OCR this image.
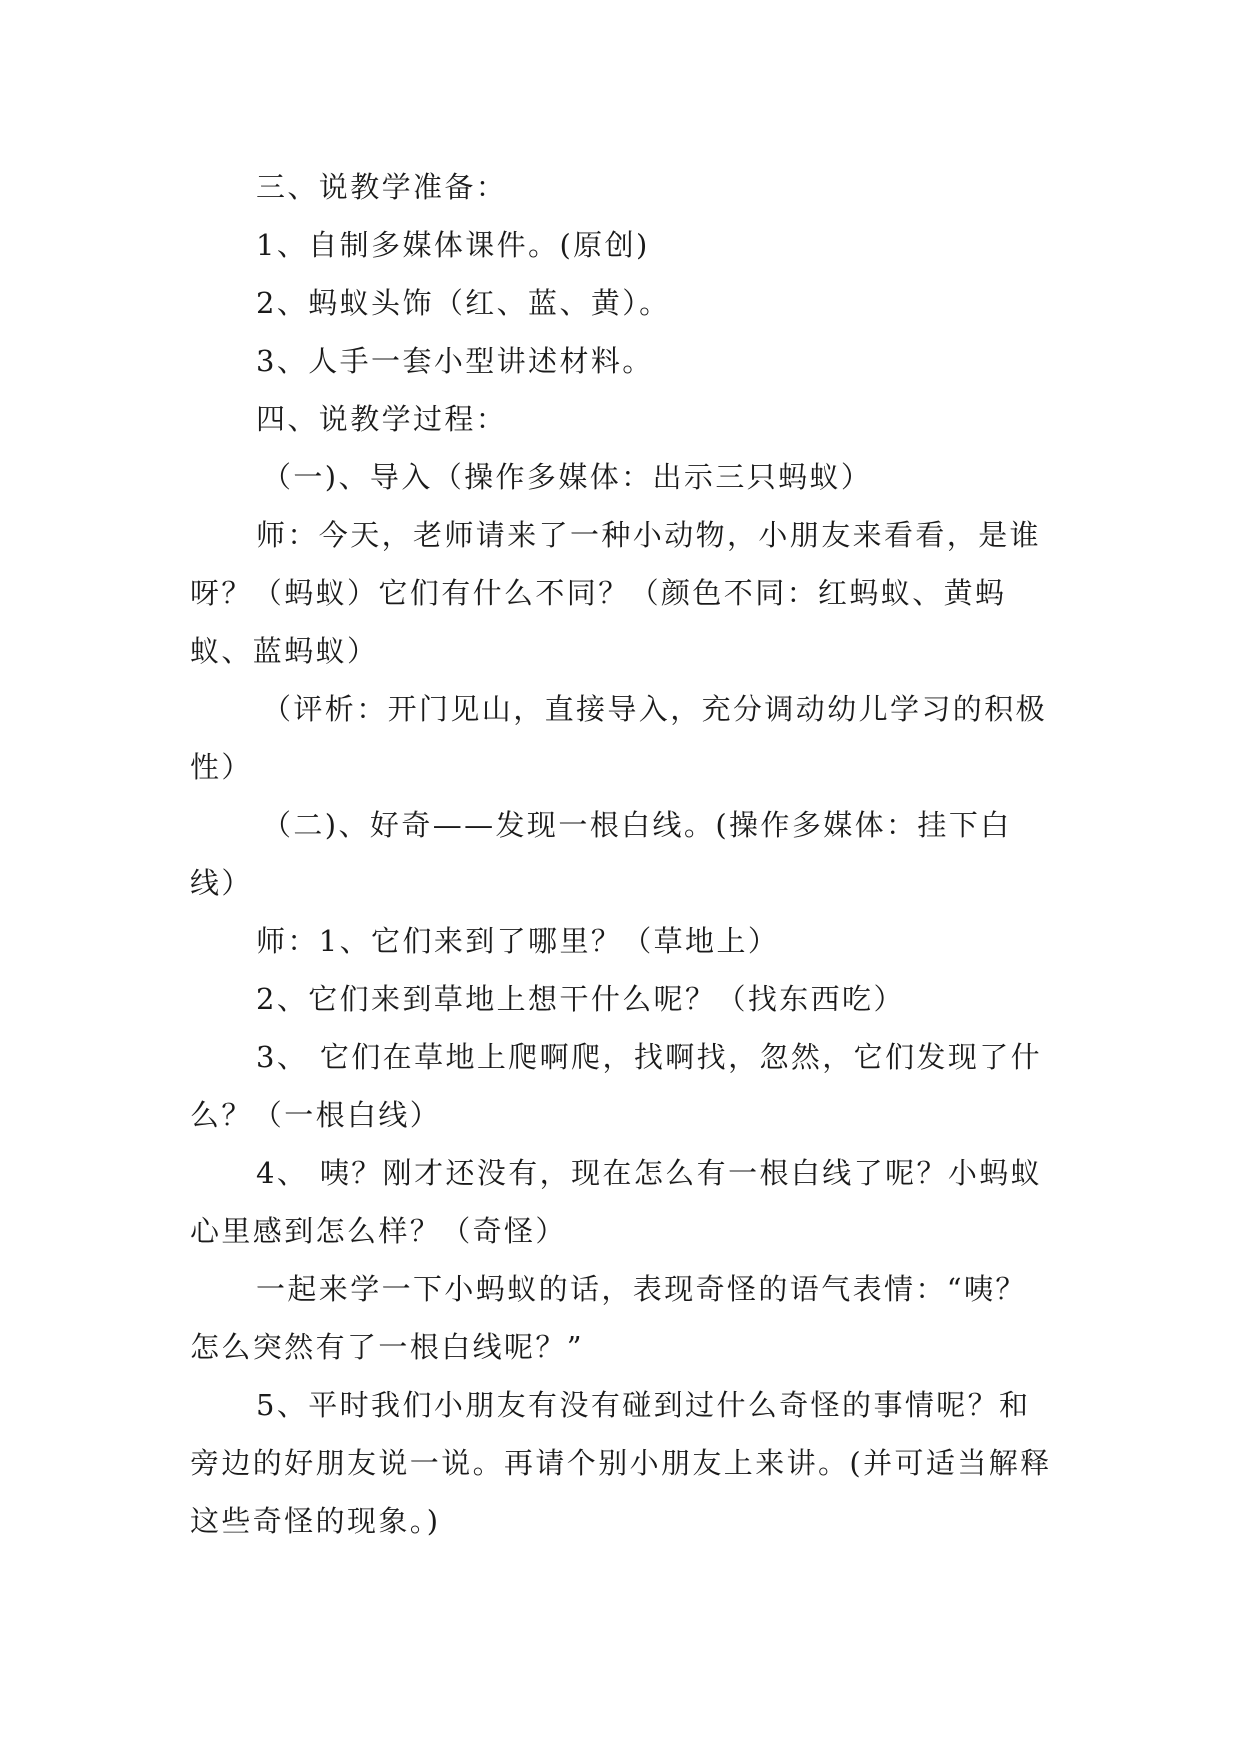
三、说教学准备：

1、自制多媒体课件。(原创)

2、蚂蚁头饰（红、蓝、黄）。

3、人手一套小型讲述材料。

四、说教学过程：

（一)、导入（操作多媒体：出示三只蚂蚁）

师：今天，老师请来了一种小动物，小朋友来看看，是谁呀？（蚂蚁）它们有什么不同？（颜色不同：红蚂蚁、黄蚂蚁、蓝蚂蚁）

（评析：开门见山，直接导入，充分调动幼儿学习的积极性）

（二)、好奇——发现一根白线。(操作多媒体：挂下白线）

师：1、它们来到了哪里？（草地上）

2、它们来到草地上想干什么呢？（找东西吃）

3、 它们在草地上爬啊爬，找啊找，忽然，它们发现了什么？（一根白线）

4、 咦？刚才还没有，现在怎么有一根白线了呢？小蚂蚁心里感到怎么样？（奇怪）

一起来学一下小蚂蚁的话，表现奇怪的语气表情：“咦？怎么突然有了一根白线呢？”

5、平时我们小朋友有没有碰到过什么奇怪的事情呢？和旁边的好朋友说一说。再请个别小朋友上来讲。(并可适当解释这些奇怪的现象。)
